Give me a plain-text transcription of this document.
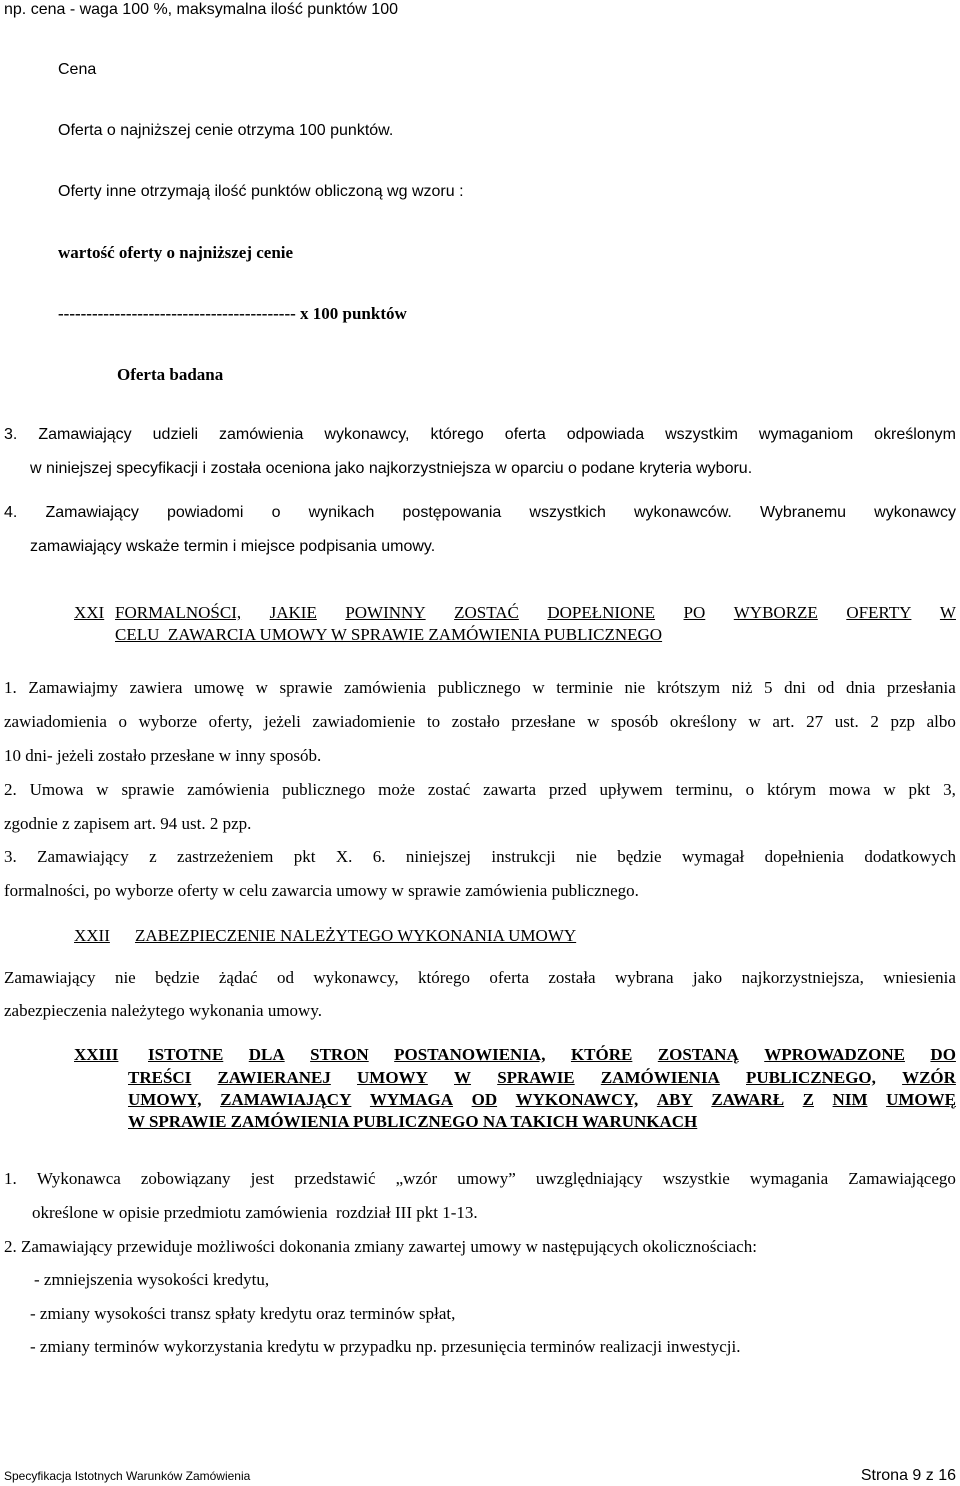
np. cena - waga 100 %, maksymalna ilość punktów 100
Cena
Oferta o najniższej cenie otrzyma 100 punktów.
Oferty inne otrzymają ilość punktów obliczoną wg wzoru :
wartość oferty o najniższej cenie
------------------------------------------ x 100 punktów
Oferta badana
3. Zamawiający udzieli zamówienia wykonawcy, którego oferta odpowiada wszystkim wymaganiom określonym
w niniejszej specyfikacji i została oceniona jako najkorzystniejsza w oparciu o podane kryteria wyboru.
4. Zamawiający powiadomi o wynikach postępowania wszystkich wykonawców. Wybranemu wykonawcy
zamawiający wskaże termin i miejsce podpisania umowy.
XXI FORMALNOŚCI, JAKIE POWINNY ZOSTAĆ DOPEŁNIONE PO WYBORZE OFERTY W
CELU  ZAWARCIA UMOWY W SPRAWIE ZAMÓWIENIA PUBLICZNEGO
1. Zamawiajmy zawiera umowę w sprawie zamówienia publicznego w terminie nie krótszym niż 5 dni od dnia przesłania
zawiadomienia o wyborze oferty, jeżeli zawiadomienie to zostało przesłane w sposób określony w art. 27 ust. 2 pzp albo
10 dni- jeżeli zostało przesłane w inny sposób.
2. Umowa w sprawie zamówienia publicznego może zostać zawarta przed upływem terminu, o którym mowa w pkt 3,
zgodnie z zapisem art. 94 ust. 2 pzp.
3. Zamawiający z zastrzeżeniem pkt X. 6. niniejszej instrukcji nie będzie wymagał dopełnienia dodatkowych
formalności, po wyborze oferty w celu zawarcia umowy w sprawie zamówienia publicznego.
XXII ZABEZPIECZENIE NALEŻYTEGO WYKONANIA UMOWY
Zamawiający nie będzie żądać od wykonawcy, którego oferta została wybrana jako najkorzystniejsza, wniesienia
zabezpieczenia należytego wykonania umowy.
XXIII ISTOTNE DLA STRON POSTANOWIENIA, KTÓRE ZOSTANĄ WPROWADZONE DO
TREŚCI ZAWIERANEJ UMOWY W SPRAWIE ZAMÓWIENIA PUBLICZNEGO, WZÓR
UMOWY, ZAMAWIAJĄCY WYMAGA OD WYKONAWCY, ABY ZAWARŁ Z NIM UMOWĘ
W SPRAWIE ZAMÓWIENIA PUBLICZNEGO NA TAKICH WARUNKACH
1. Wykonawca zobowiązany jest przedstawić „wzór umowy” uwzględniający wszystkie wymagania Zamawiającego
określone w opisie przedmiotu zamówienia  rozdział III pkt 1-13.
2. Zamawiający przewiduje możliwości dokonania zmiany zawartej umowy w następujących okolicznościach:
- zmniejszenia wysokości kredytu,
- zmiany wysokości transz spłaty kredytu oraz terminów spłat,
- zmiany terminów wykorzystania kredytu w przypadku np. przesunięcia terminów realizacji inwestycji.
Specyfikacja Istotnych Warunków Zamówienia	Strona 9 z 16
